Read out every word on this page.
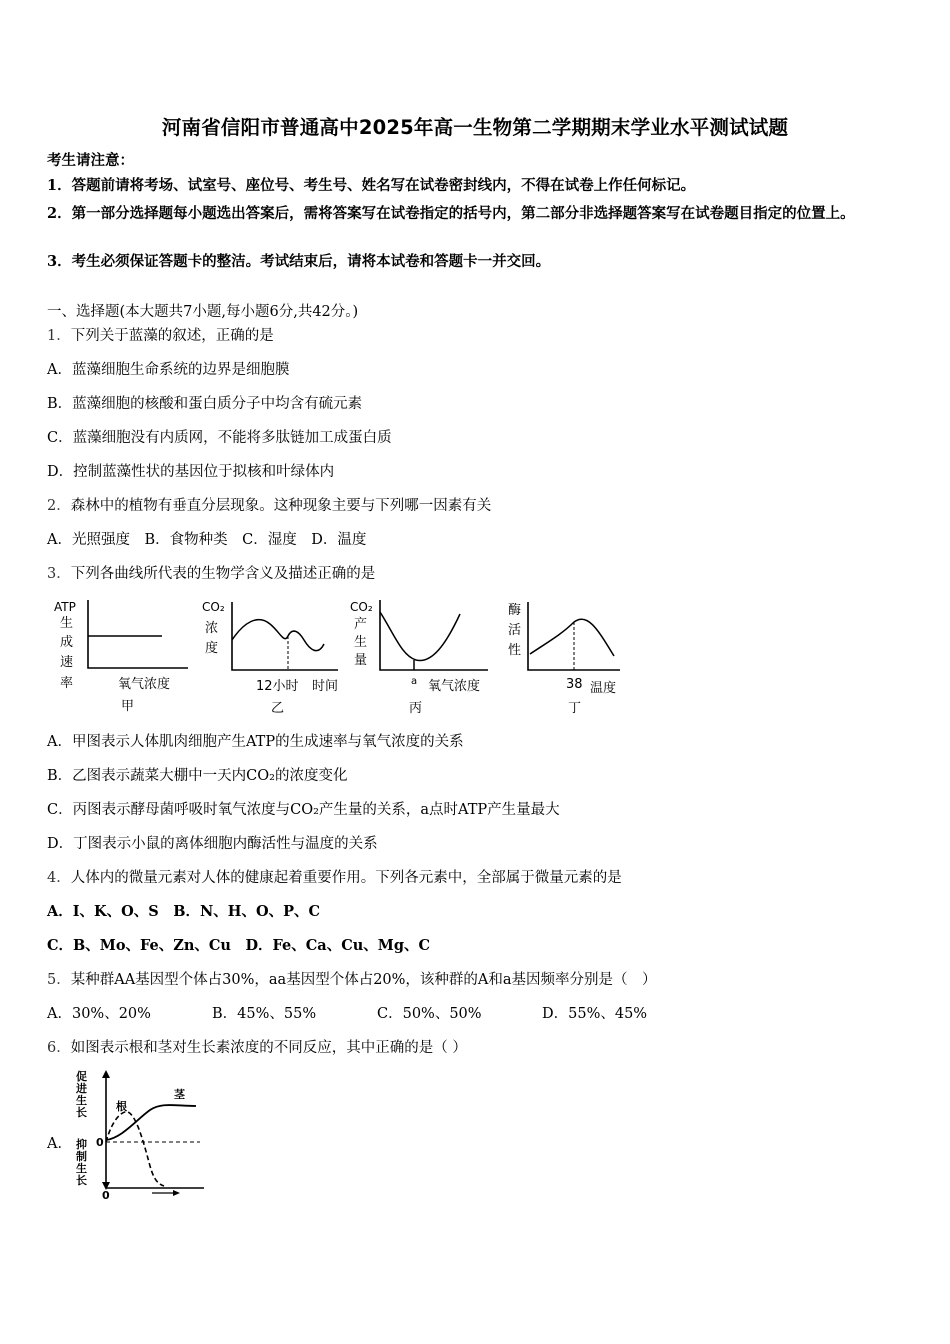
河南省信阳市普通高中2025年高一生物第二学期期末学业水平测试试题
考生请注意：
1．答题前请将考场、试室号、座位号、考生号、姓名写在试卷密封线内，不得在试卷上作任何标记。
2．第一部分选择题每小题选出答案后，需将答案写在试卷指定的括号内，第二部分非选择题答案写在试卷题目指定的位置上。
3．考生必须保证答题卡的整洁。考试结束后，请将本试卷和答题卡一并交回。
一、选择题(本大题共7小题,每小题6分,共42分。)
1．下列关于蓝藻的叙述，正确的是
A．蓝藻细胞生命系统的边界是细胞膜
B．蓝藻细胞的核酸和蛋白质分子中均含有硫元素
C．蓝藻细胞没有内质网，不能将多肽链加工成蛋白质
D．控制蓝藻性状的基因位于拟核和叶绿体内
2．森林中的植物有垂直分层现象。这种现象主要与下列哪一因素有关
A．光照强度　B．食物种类　C．湿度　D．温度
3．下列各曲线所代表的生物学含义及描述正确的是
ATP
生
成
速
率	氧气浓度
甲
CO₂
浓
度
12小时 时间
乙
CO₂
产
生
量
a 氧气浓度
丙
酶
活
性
38 温度
丁
A．甲图表示人体肌肉细胞产生ATP的生成速率与氧气浓度的关系
B．乙图表示蔬菜大棚中一天内CO₂的浓度变化
C．丙图表示酵母菌呼吸时氧气浓度与CO₂产生量的关系，a点时ATP产生量最大
D．丁图表示小鼠的离体细胞内酶活性与温度的关系
4．人体内的微量元素对人体的健康起着重要作用。下列各元素中，全部属于微量元素的是
A．I、K、O、S　B．N、H、O、P、C
C．B、Mo、Fe、Zn、Cu　D．Fe、Ca、Cu、Mg、C
5．某种群AA基因型个体占30%，aa基因型个体占20%，该种群的A和a基因频率分别是（　）
A．30%、20%	B．45%、55%	C．50%、50%	D．55%、45%
6．如图表示根和茎对生长素浓度的不同反应，其中正确的是（ ）
A．
促
进
生
长
抑
制
生
长
0
0
根
茎
